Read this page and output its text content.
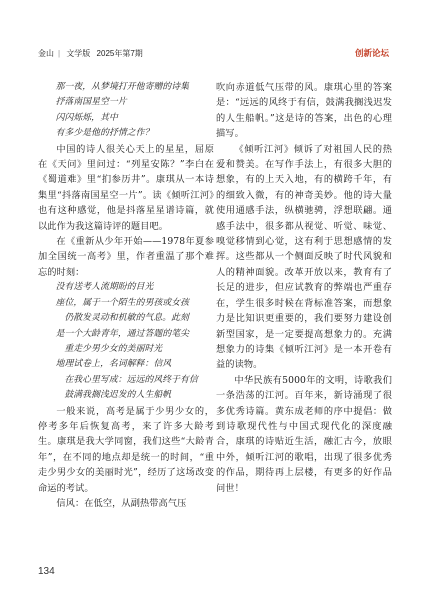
金山 | 文学版 2025年第7期	创新论坛

那一夜，从梦境打开他寄赠的诗集

抒落南国星空一片

闪闪烁烁，其中

有多少是他的抒情之作？

中国的诗人很关心天上的星星，屈原在《天问》里问过：“列星安陈？”李白在《蜀道难》里“扪参历井”。康琪从一本诗集里“抖落南国星空一片”。读《倾听江河》也有这种感觉，他是抖落星星谱诗篇，就以此作为我这篇诗评的题目吧。

在《重新从少年开始——1978年夏参加全国统一高考》里，作者重温了那个难忘的时刻：

没有送考人流期盼的目光

座位，属于一个陌生的男孩或女孩

仍散发灵动和机敏的气息。此刻

是一个大龄青年，通过答题的笔尖

重走少男少女的美丽时光

地理试卷上，名词解释：信风

在我心里写成：远远的风终于有信

鼓满我搁浅迟发的人生船帆

一般来说，高考是属于少男少女的，停考多年后恢复高考，来了许多大龄考生。康琪是我大学同窗，我们这些“大龄青年”，在不同的地点却是统一的时间，“重走少男少女的美丽时光”，经历了这场改变命运的考试。

信风：在低空，从副热带高气压

吹向赤道低气压带的风。康琪心里的答案是：“远远的风终于有信，鼓满我搁浅迟发的人生船帆。”这是诗的答案，出色的心理描写。

《倾听江河》倾诉了对祖国人民的热爱和赞美。在写作手法上，有很多大胆的想象，有的上天入地，有的横跨千年，有的细致入微，有的神奇美妙。他的诗大量使用通感手法，纵横驰骋，浮想联翩。通感手法中，很多都从视觉、听觉、味觉、嗅觉移情到心觉，这有利于思想感情的发挥。这些都从一个侧面反映了时代风貌和人的精神面貌。改革开放以来，教育有了长足的进步，但应试教育的弊端也严重存在，学生很多时候在背标准答案，而想象力是比知识更重要的，我们要努力建设创新型国家，是一定要提高想象力的。充满想象力的诗集《倾听江河》是一本开卷有益的读物。

中华民族有5000年的文明，诗歌我们一条浩荡的江河。百年来，新诗涌现了很多优秀诗篇。黄东成老师的序中提倡：做到诗歌现代性与中国式现代化的深度融合，康琪的诗贴近生活，融汇古今，放眼中外，倾听江河的歌唱，出现了很多优秀的作品，期待再上层楼，有更多的好作品问世！

134
